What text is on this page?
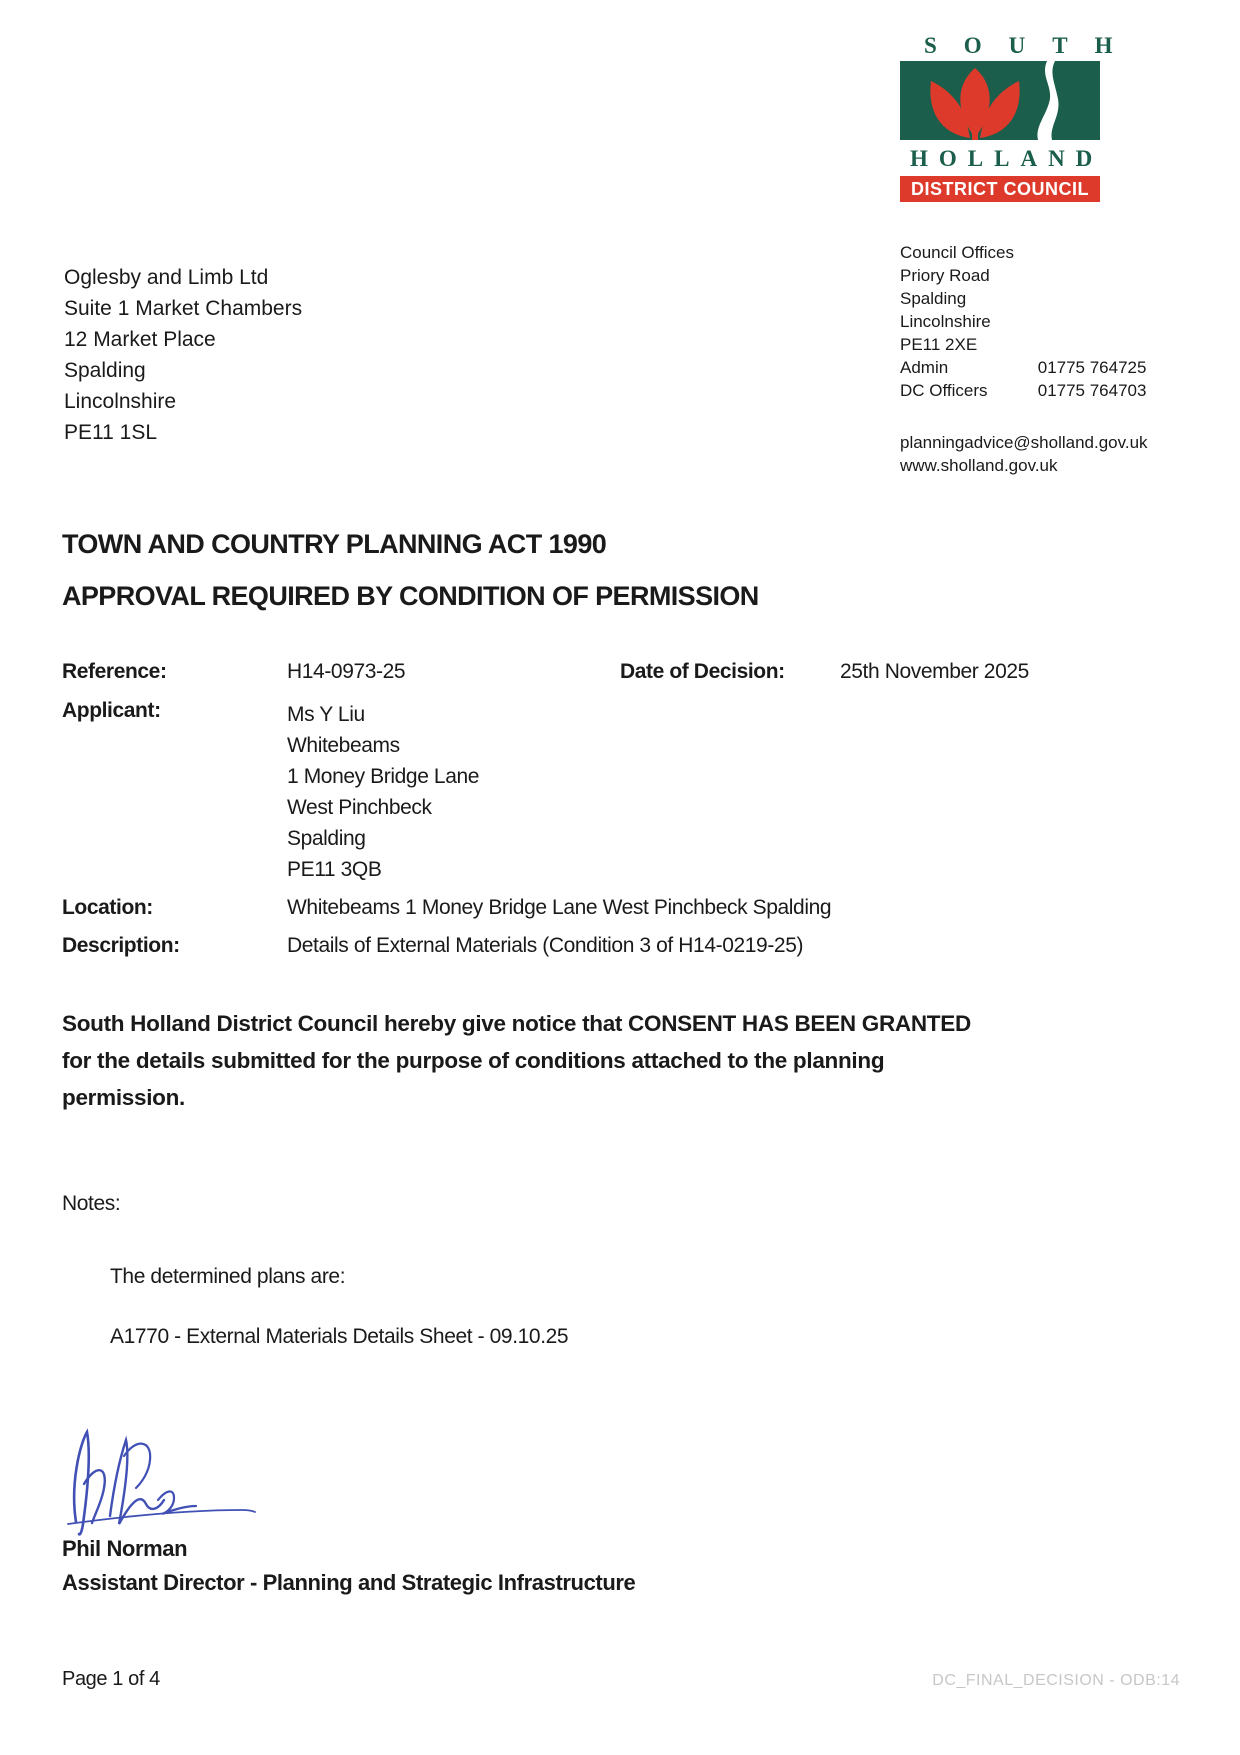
SOUTH
HOLLAND
DISTRICT COUNCIL
Oglesby and Limb Ltd
Suite 1 Market Chambers
12 Market Place
Spalding
Lincolnshire
PE11 1SL
Council Offices
Priory Road
Spalding
Lincolnshire
PE11 2XE
Admin	01775 764725
DC Officers	01775 764703
planningadvice@sholland.gov.uk
www.sholland.gov.uk
TOWN AND COUNTRY PLANNING ACT 1990
APPROVAL REQUIRED BY CONDITION OF PERMISSION
Reference:	H14-0973-25	Date of Decision:	25th November 2025
Applicant:	Ms Y Liu
Whitebeams
1 Money Bridge Lane
West Pinchbeck
Spalding
PE11 3QB
Location:	Whitebeams 1 Money Bridge Lane West Pinchbeck Spalding
Description:	Details of External Materials (Condition 3 of H14-0219-25)
South Holland District Council hereby give notice that CONSENT HAS BEEN GRANTED for the details submitted for the purpose of conditions attached to the planning permission.
Notes:
The determined plans are:
A1770 - External Materials Details Sheet - 09.10.25
Phil Norman
Assistant Director - Planning and Strategic Infrastructure
Page 1 of 4	DC_FINAL_DECISION - ODB:14
